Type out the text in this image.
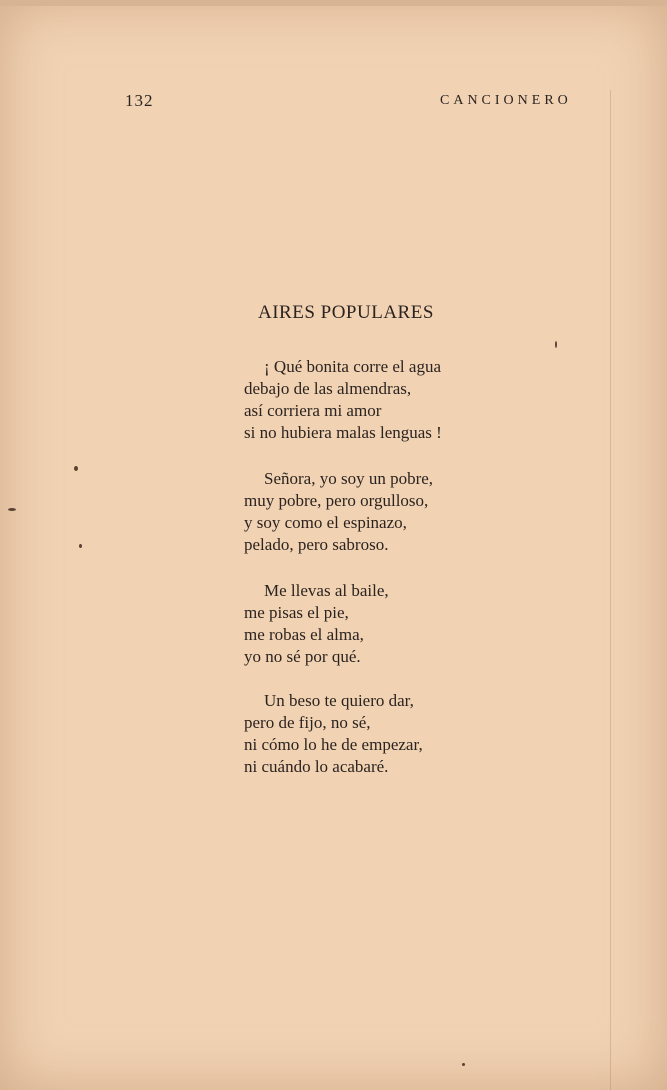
132	CANCIONERO
AIRES POPULARES
¡ Qué bonita corre el agua
debajo de las almendras,
así corriera mi amor
si no hubiera malas lenguas !
Señora, yo soy un pobre,
muy pobre, pero orgulloso,
y soy como el espinazo,
pelado, pero sabroso.
Me llevas al baile,
me pisas el pie,
me robas el alma,
yo no sé por qué.
Un beso te quiero dar,
pero de fijo, no sé,
ni cómo lo he de empezar,
ni cuándo lo acabaré.
